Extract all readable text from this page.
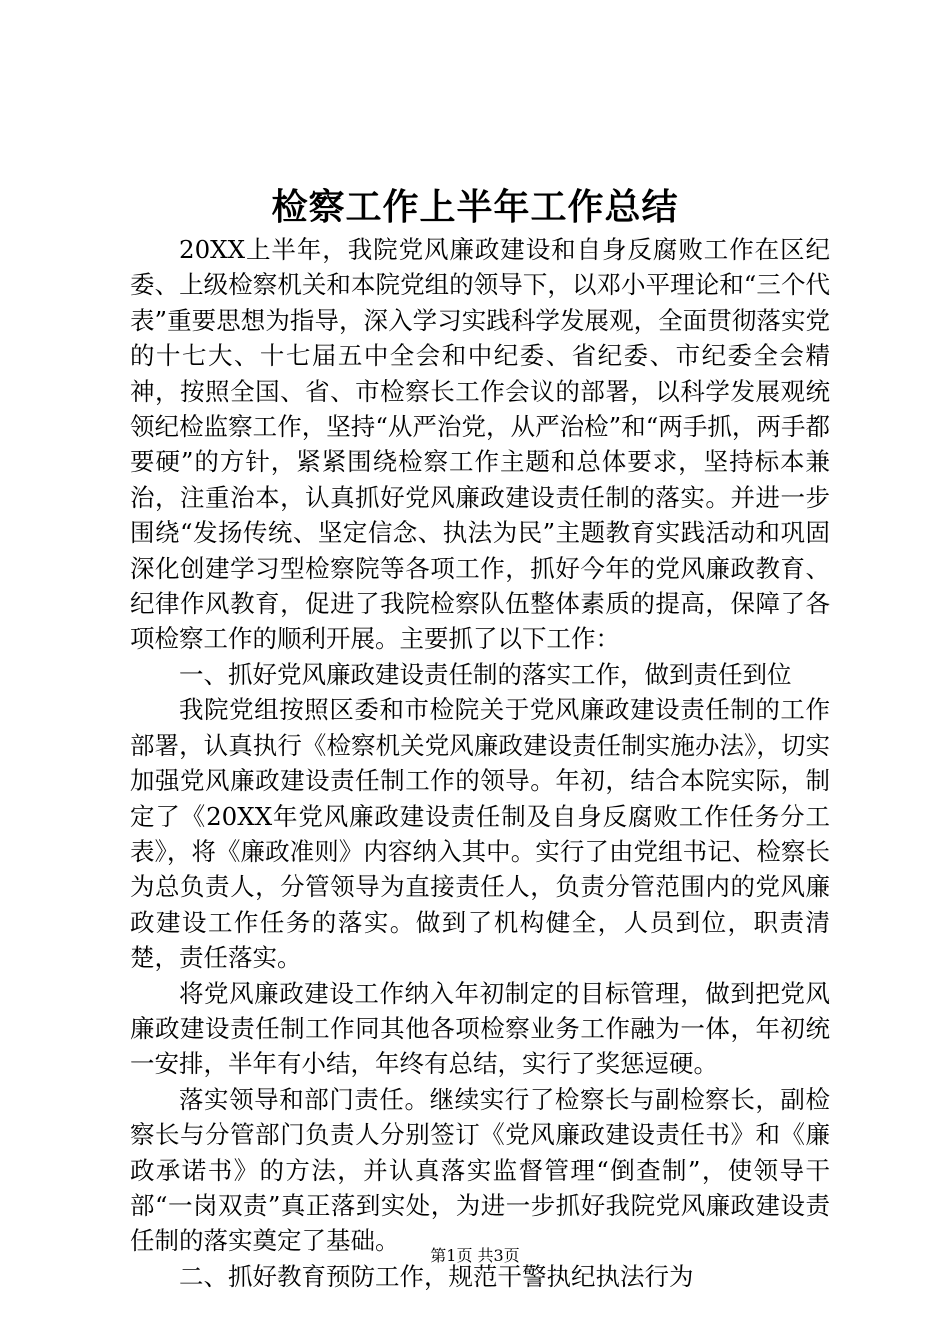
检察工作上半年工作总结

20XX上半年，我院党风廉政建设和自身反腐败工作在区纪委、上级检察机关和本院党组的领导下，以邓小平理论和“三个代表”重要思想为指导，深入学习实践科学发展观，全面贯彻落实党的十七大、十七届五中全会和中纪委、省纪委、市纪委全会精神，按照全国、省、市检察长工作会议的部署，以科学发展观统领纪检监察工作，坚持“从严治党，从严治检”和“两手抓，两手都要硬”的方针，紧紧围绕检察工作主题和总体要求，坚持标本兼治，注重治本，认真抓好党风廉政建设责任制的落实。并进一步围绕“发扬传统、坚定信念、执法为民”主题教育实践活动和巩固深化创建学习型检察院等各项工作，抓好今年的党风廉政教育、纪律作风教育，促进了我院检察队伍整体素质的提高，保障了各项检察工作的顺利开展。主要抓了以下工作：

一、抓好党风廉政建设责任制的落实工作，做到责任到位

我院党组按照区委和市检院关于党风廉政建设责任制的工作部署，认真执行《检察机关党风廉政建设责任制实施办法》，切实加强党风廉政建设责任制工作的领导。年初，结合本院实际，制定了《20XX年党风廉政建设责任制及自身反腐败工作任务分工表》，将《廉政准则》内容纳入其中。实行了由党组书记、检察长为总负责人，分管领导为直接责任人，负责分管范围内的党风廉政建设工作任务的落实。做到了机构健全，人员到位，职责清楚，责任落实。

将党风廉政建设工作纳入年初制定的目标管理，做到把党风廉政建设责任制工作同其他各项检察业务工作融为一体，年初统一安排，半年有小结，年终有总结，实行了奖惩逗硬。

落实领导和部门责任。继续实行了检察长与副检察长，副检察长与分管部门负责人分别签订《党风廉政建设责任书》和《廉政承诺书》的方法，并认真落实监督管理“倒查制”，使领导干部“一岗双责”真正落到实处，为进一步抓好我院党风廉政建设责任制的落实奠定了基础。

二、抓好教育预防工作，规范干警执纪执法行为

第1页 共3页
